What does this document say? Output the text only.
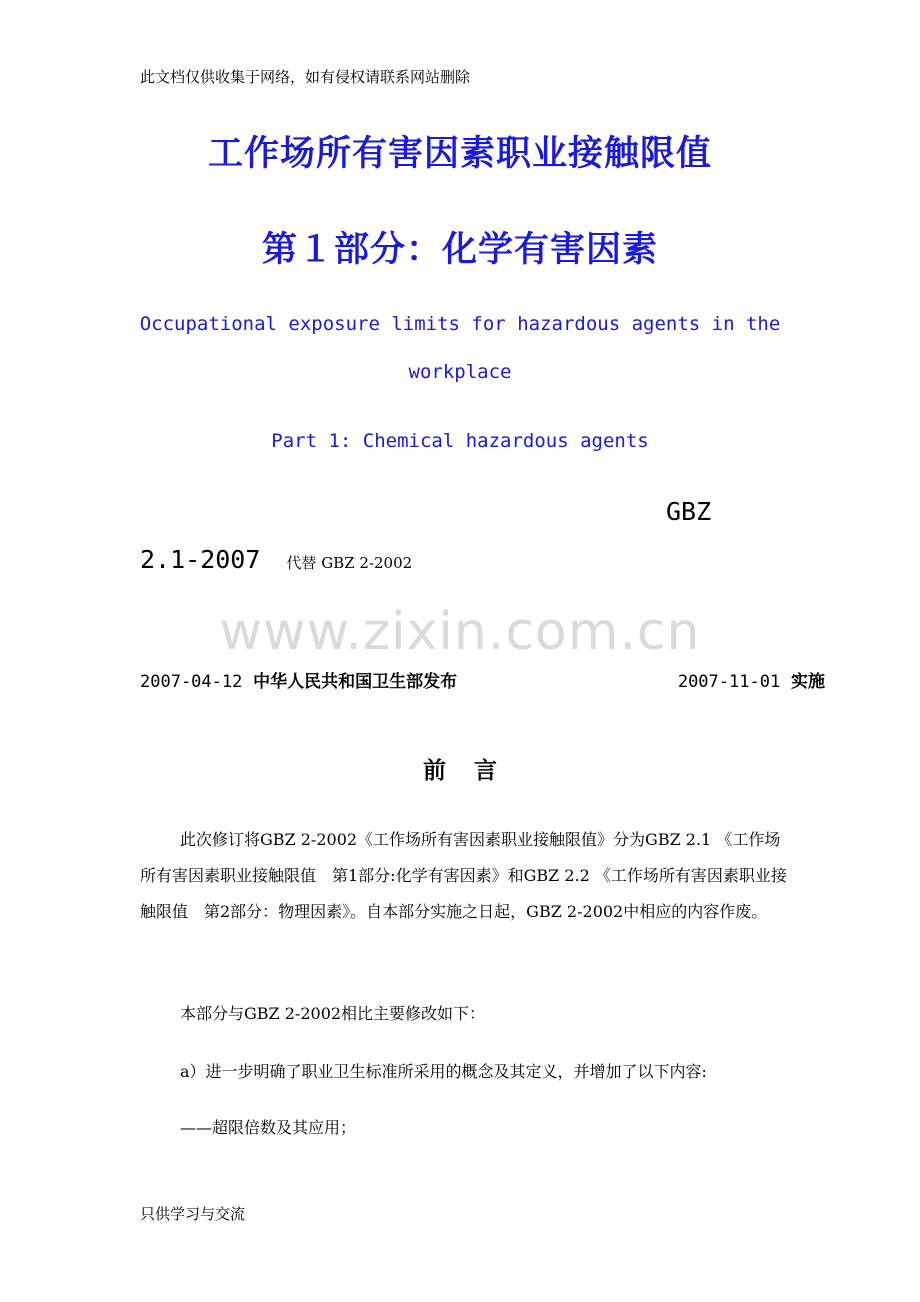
此文档仅供收集于网络，如有侵权请联系网站删除
工作场所有害因素职业接触限值
第１部分：化学有害因素
Occupational exposure limits for hazardous agents in the
workplace
Part 1: Chemical hazardous agents
GBZ
2.1-2007 代替 GBZ 2-2002
www.zixin.com.cn
2007-04-12 中华人民共和国卫生部发布	2007-11-01 实施
前言
此次修订将GBZ 2-2002《工作场所有害因素职业接触限值》分为GBZ 2.1 《工作场所有害因素职业接触限值　第1部分:化学有害因素》和GBZ 2.2 《工作场所有害因素职业接触限值　第2部分：物理因素》。自本部分实施之日起，GBZ 2-2002中相应的内容作废。
本部分与GBZ 2-2002相比主要修改如下：
a）进一步明确了职业卫生标准所采用的概念及其定义，并增加了以下内容:
——超限倍数及其应用；
只供学习与交流
